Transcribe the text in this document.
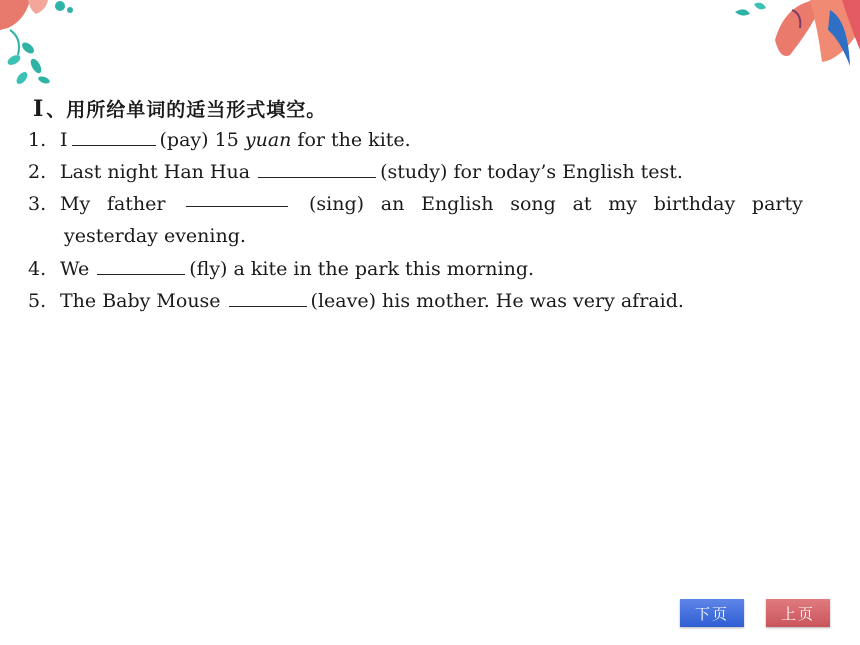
Ⅰ 、用所给单词的适当形式填空。
1. I	(pay) 15 yuan for the kite.
2. Last night Han Hua	(study) for today’s English test.
3. My father	(sing) an English song at my birthday party
yesterday evening.
4. We	(fly) a kite in the park this morning.
5. The Baby Mouse	(leave) his mother. He was very afraid.
下页	上页
